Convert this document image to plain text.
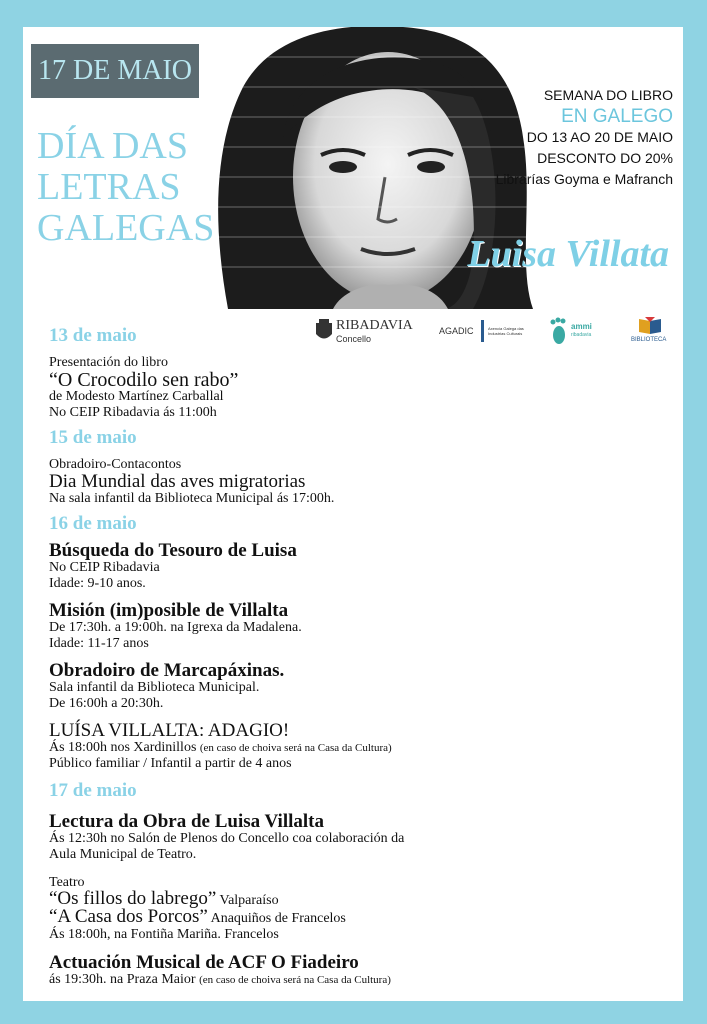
17 DE MAIO
DÍA DAS
LETRAS
GALEGAS
SEMANA DO LIBRO
EN GALEGO
DO 13 AO 20 DE MAIO
DESCONTO DO 20%
Librarías Goyma e Mafranch
Luisa Villata
RIBADAVIA
Concello
AGADIC	Axencia Galega das Industrias Culturais
ammi
ribadavia
BIBLIOTECA
13 de maio
Presentación do libro
“O Crocodilo sen rabo”
de Modesto Martínez Carballal
No CEIP Ribadavia ás 11:00h
15 de maio
Obradoiro-Contacontos
Dia Mundial das aves migratorias
Na sala infantil da Biblioteca Municipal ás 17:00h.
16 de maio
Búsqueda do Tesouro de Luisa
No CEIP Ribadavia
Idade: 9-10 anos.
Misión (im)posible de Villalta
De 17:30h. a 19:00h. na Igrexa da Madalena.
Idade: 11-17 anos
Obradoiro de Marcapáxinas.
Sala infantil da Biblioteca Municipal.
De 16:00h a 20:30h.
LUÍSA VILLALTA: ADAGIO!
Ás 18:00h nos Xardinillos (en caso de choiva será na Casa da Cultura)
Público familiar / Infantil a partir de 4 anos
17 de maio
Lectura da Obra de Luisa Villalta
Ás 12:30h no Salón de Plenos do Concello coa colaboración da
Aula Municipal de Teatro.
Teatro
“Os fillos do labrego” Valparaíso
“A Casa dos Porcos” Anaquiños de Francelos
Ás 18:00h, na Fontiña Mariña. Francelos
Actuación Musical de ACF O Fiadeiro
ás 19:30h. na Praza Maior (en caso de choiva será na Casa da Cultura)
